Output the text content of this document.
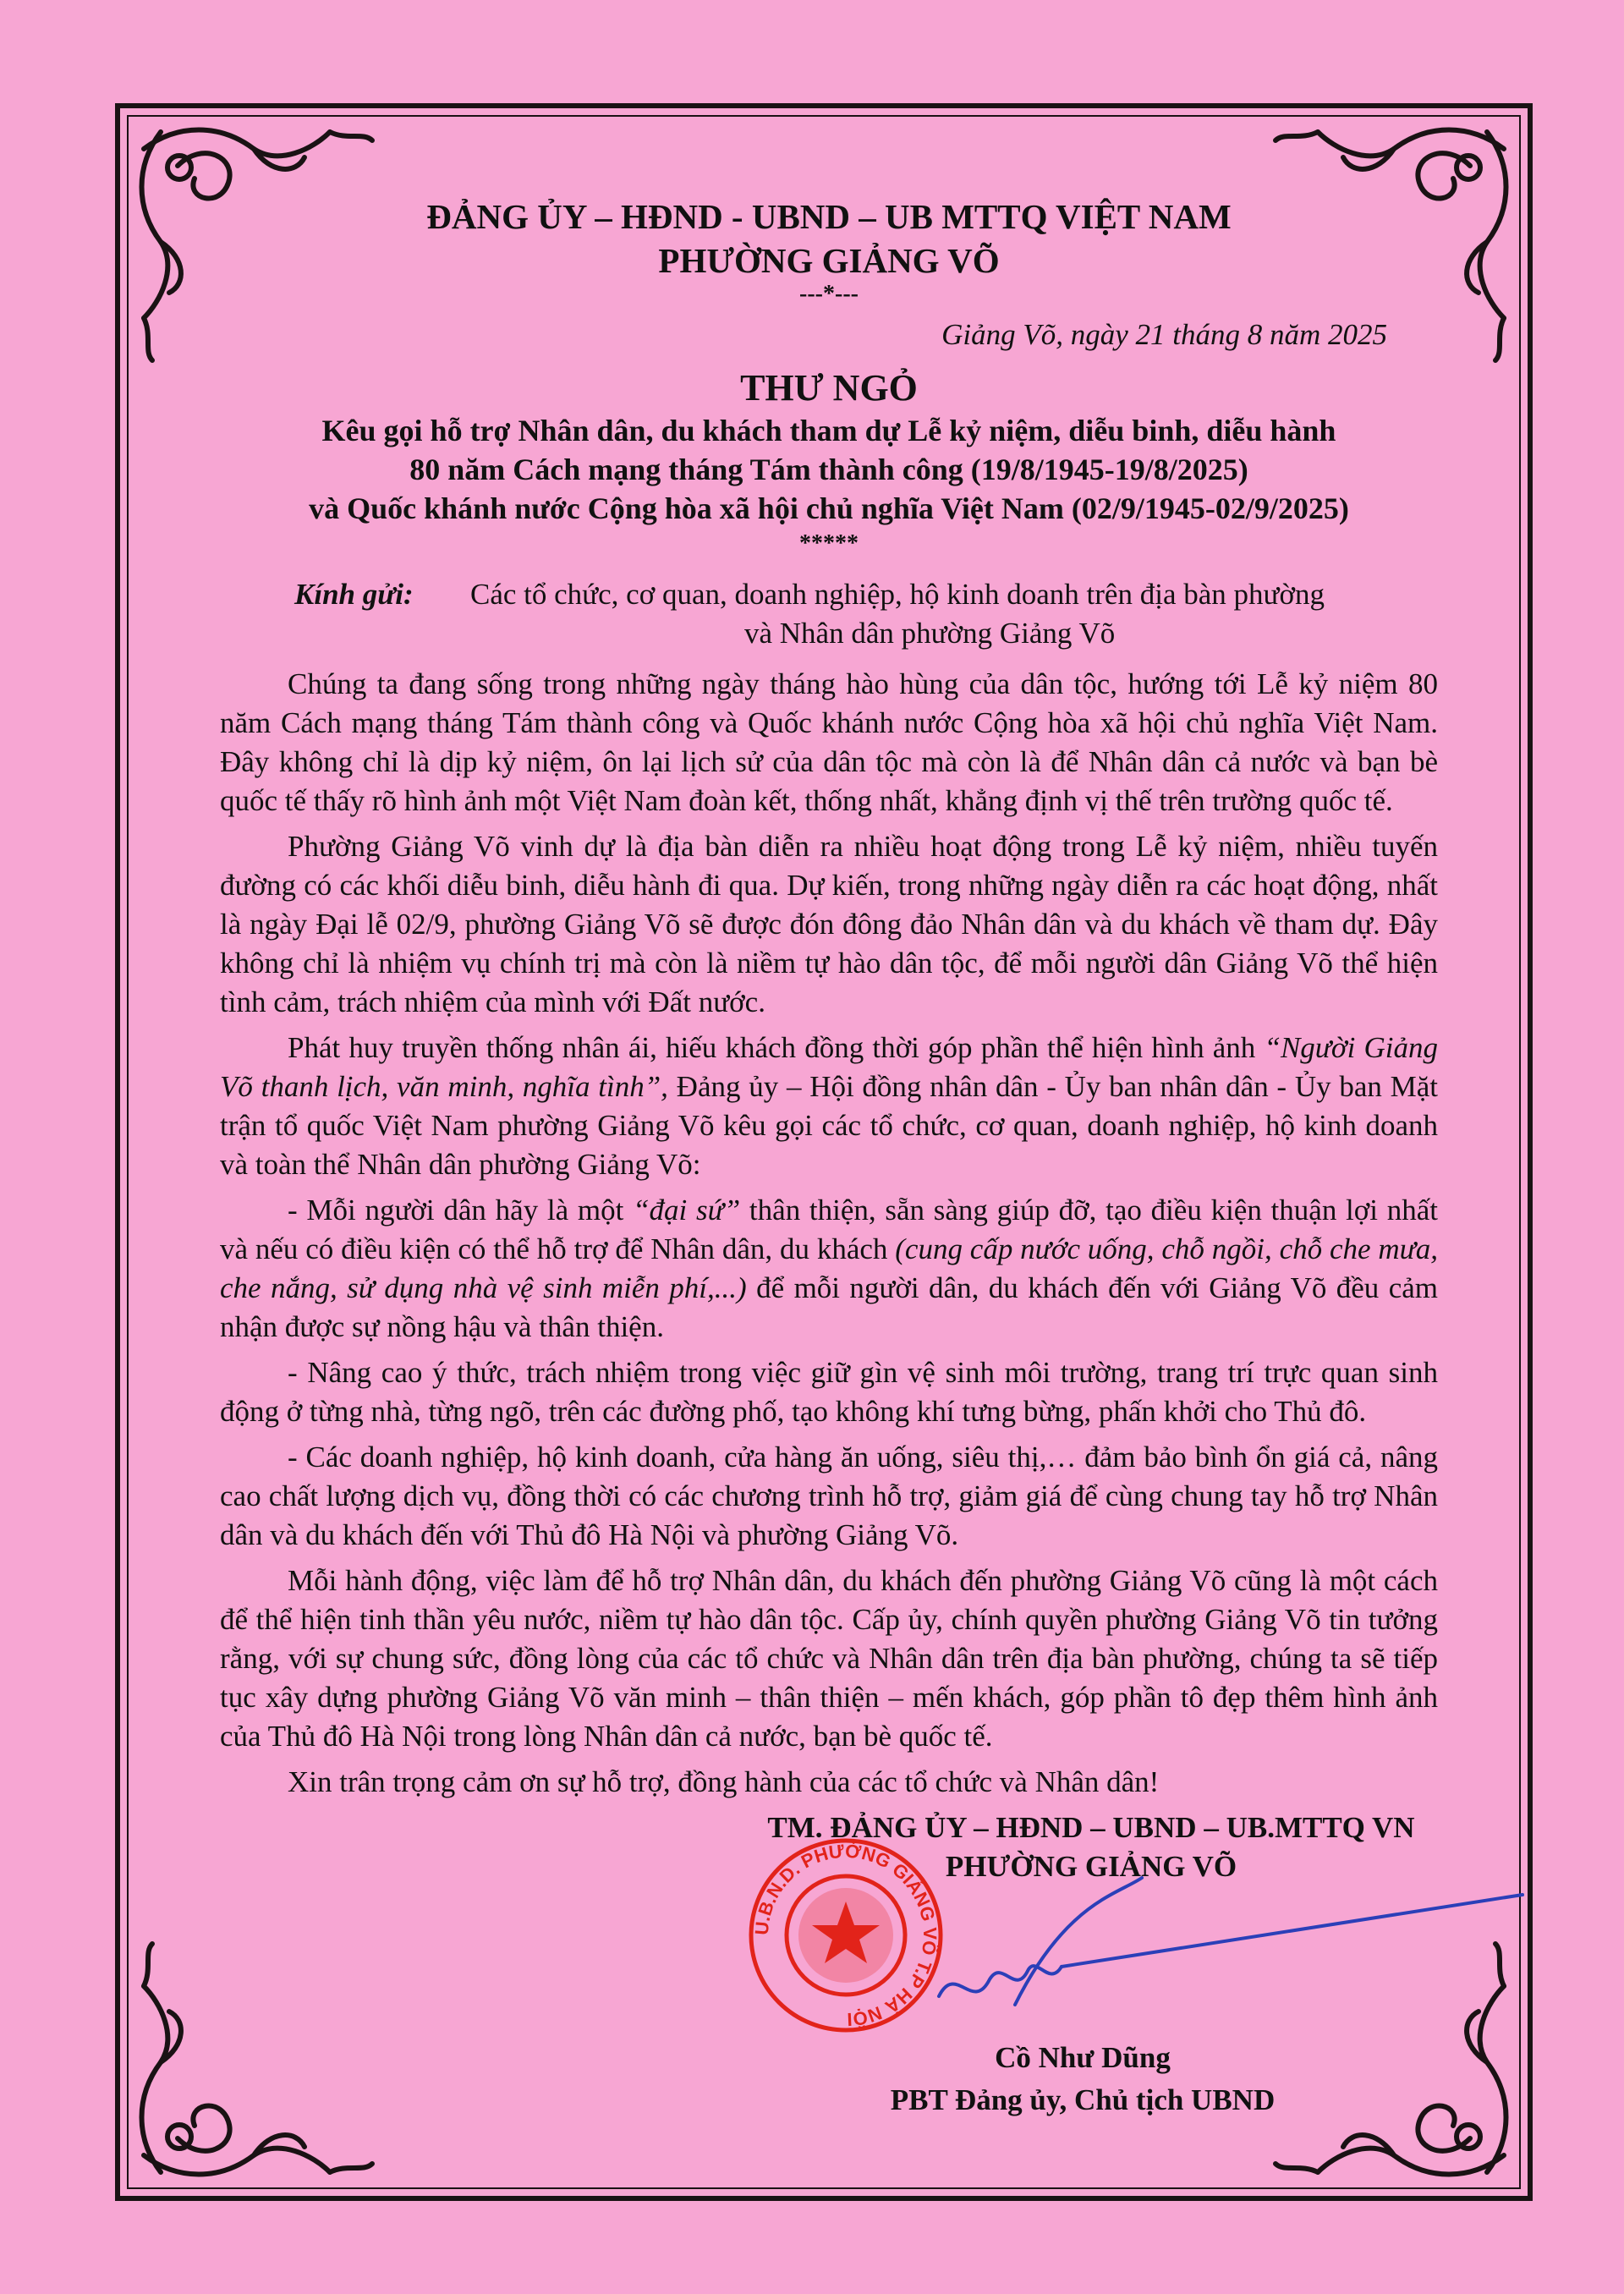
ĐẢNG ỦY – HĐND - UBND – UB MTTQ VIỆT NAM
PHƯỜNG GIẢNG VÕ
---*---
Giảng Võ, ngày 21 tháng 8 năm 2025
THƯ NGỎ
Kêu gọi hỗ trợ Nhân dân, du khách tham dự Lễ kỷ niệm, diễu binh, diễu hành
80 năm Cách mạng tháng Tám thành công (19/8/1945-19/8/2025)
và Quốc khánh nước Cộng hòa xã hội chủ nghĩa Việt Nam (02/9/1945-02/9/2025)
*****
Kính gửi: Các tổ chức, cơ quan, doanh nghiệp, hộ kinh doanh trên địa bàn phường
và Nhân dân phường Giảng Võ

Chúng ta đang sống trong những ngày tháng hào hùng của dân tộc, hướng tới Lễ kỷ niệm 80 năm Cách mạng tháng Tám thành công và Quốc khánh nước Cộng hòa xã hội chủ nghĩa Việt Nam. Đây không chỉ là dịp kỷ niệm, ôn lại lịch sử của dân tộc mà còn là để Nhân dân cả nước và bạn bè quốc tế thấy rõ hình ảnh một Việt Nam đoàn kết, thống nhất, khẳng định vị thế trên trường quốc tế.

Phường Giảng Võ vinh dự là địa bàn diễn ra nhiều hoạt động trong Lễ kỷ niệm, nhiều tuyến đường có các khối diễu binh, diễu hành đi qua. Dự kiến, trong những ngày diễn ra các hoạt động, nhất là ngày Đại lễ 02/9, phường Giảng Võ sẽ được đón đông đảo Nhân dân và du khách về tham dự. Đây không chỉ là nhiệm vụ chính trị mà còn là niềm tự hào dân tộc, để mỗi người dân Giảng Võ thể hiện tình cảm, trách nhiệm của mình với Đất nước.

Phát huy truyền thống nhân ái, hiếu khách đồng thời góp phần thể hiện hình ảnh “Người Giảng Võ thanh lịch, văn minh, nghĩa tình”, Đảng ủy – Hội đồng nhân dân - Ủy ban nhân dân - Ủy ban Mặt trận tổ quốc Việt Nam phường Giảng Võ kêu gọi các tổ chức, cơ quan, doanh nghiệp, hộ kinh doanh và toàn thể Nhân dân phường Giảng Võ:

- Mỗi người dân hãy là một “đại sứ” thân thiện, sẵn sàng giúp đỡ, tạo điều kiện thuận lợi nhất và nếu có điều kiện có thể hỗ trợ để Nhân dân, du khách (cung cấp nước uống, chỗ ngồi, chỗ che mưa, che nắng, sử dụng nhà vệ sinh miễn phí,...) để mỗi người dân, du khách đến với Giảng Võ đều cảm nhận được sự nồng hậu và thân thiện.

- Nâng cao ý thức, trách nhiệm trong việc giữ gìn vệ sinh môi trường, trang trí trực quan sinh động ở từng nhà, từng ngõ, trên các đường phố, tạo không khí tưng bừng, phấn khởi cho Thủ đô.

- Các doanh nghiệp, hộ kinh doanh, cửa hàng ăn uống, siêu thị,… đảm bảo bình ổn giá cả, nâng cao chất lượng dịch vụ, đồng thời có các chương trình hỗ trợ, giảm giá để cùng chung tay hỗ trợ Nhân dân và du khách đến với Thủ đô Hà Nội và phường Giảng Võ.

Mỗi hành động, việc làm để hỗ trợ Nhân dân, du khách đến phường Giảng Võ cũng là một cách để thể hiện tinh thần yêu nước, niềm tự hào dân tộc. Cấp ủy, chính quyền phường Giảng Võ tin tưởng rằng, với sự chung sức, đồng lòng của các tổ chức và Nhân dân trên địa bàn phường, chúng ta sẽ tiếp tục xây dựng phường Giảng Võ văn minh – thân thiện – mến khách, góp phần tô đẹp thêm hình ảnh của Thủ đô Hà Nội trong lòng Nhân dân cả nước, bạn bè quốc tế.

Xin trân trọng cảm ơn sự hỗ trợ, đồng hành của các tổ chức và Nhân dân!

U.B.N.D. PHƯỜNG GIẢNG VÕ T.P HÀ NỘI
TM. ĐẢNG ỦY – HĐND – UBND – UB.MTTQ VN
PHƯỜNG GIẢNG VÕ
Cồ Như Dũng
PBT Đảng ủy, Chủ tịch UBND
